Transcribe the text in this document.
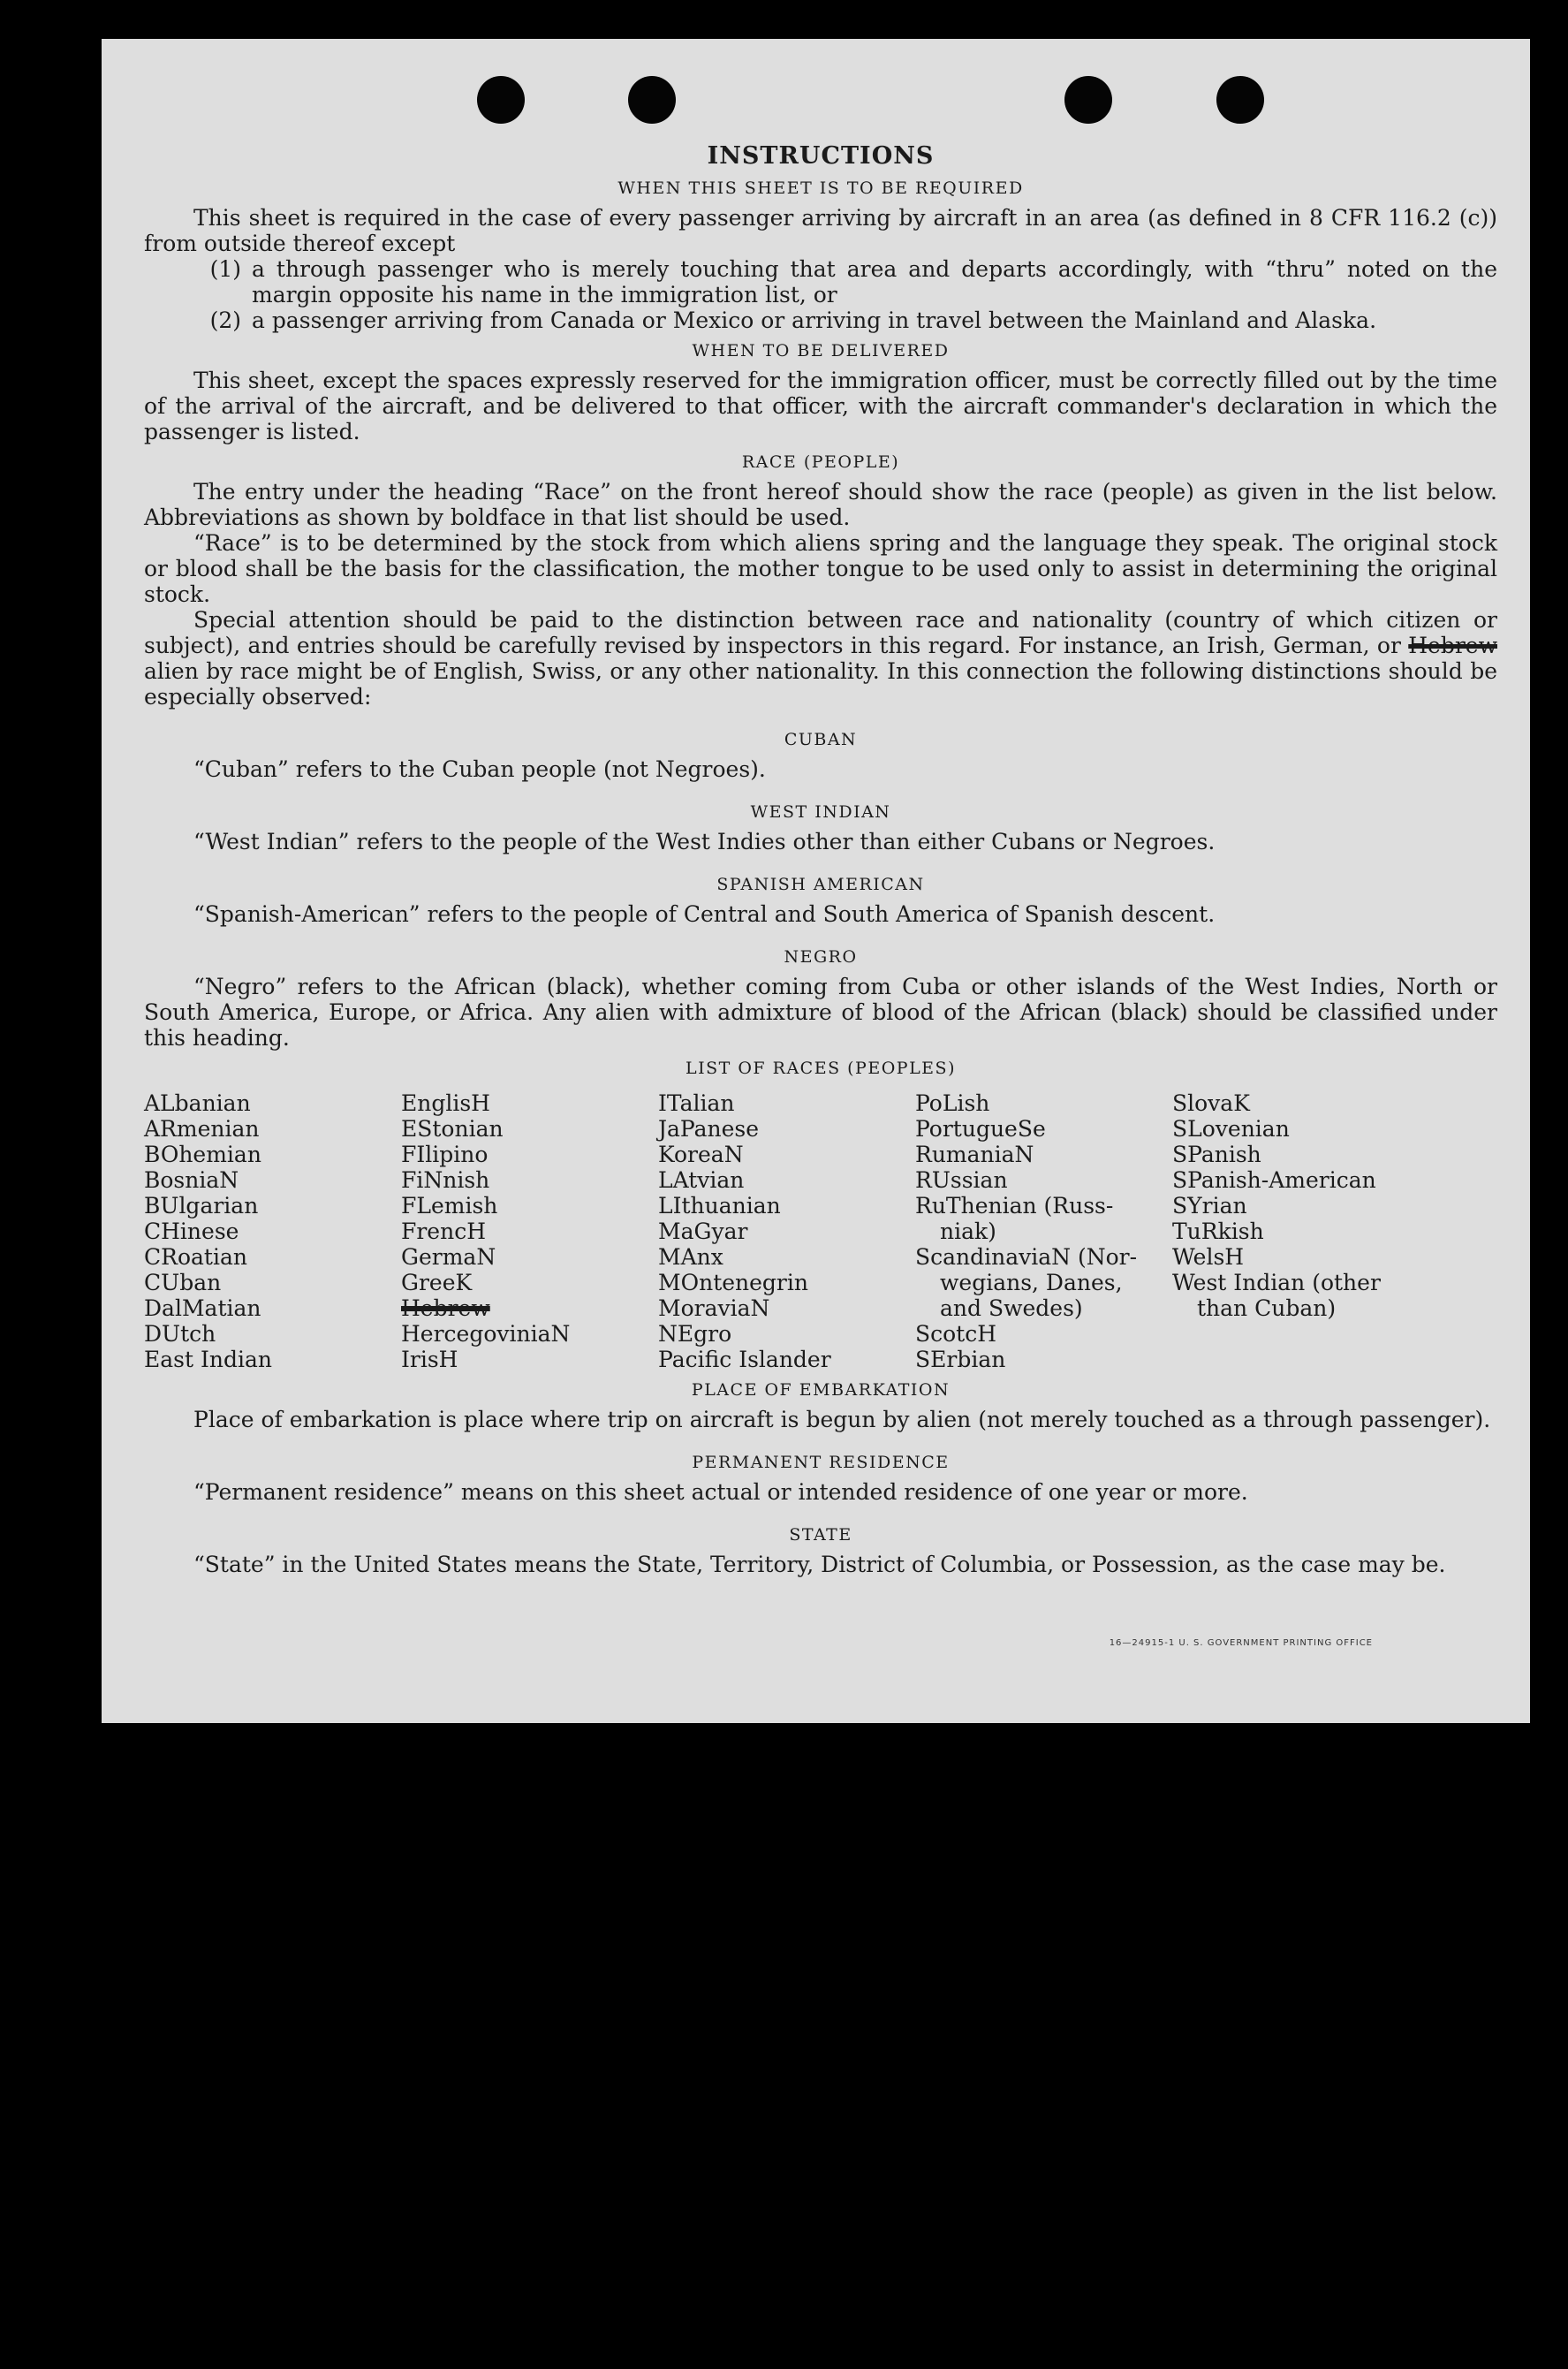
INSTRUCTIONS
WHEN THIS SHEET IS TO BE REQUIRED

This sheet is required in the case of every passenger arriving by aircraft in an area (as defined in 8 CFR 116.2 (c)) from outside thereof except

(1) a through passenger who is merely touching that area and departs accordingly, with “thru” noted on the margin opposite his name in the immigration list, or
(2) a passenger arriving from Canada or Mexico or arriving in travel between the Mainland and Alaska.
WHEN TO BE DELIVERED

This sheet, except the spaces expressly reserved for the immigration officer, must be correctly filled out by the time of the arrival of the aircraft, and be delivered to that officer, with the aircraft commander's declaration in which the passenger is listed.

RACE (PEOPLE)

The entry under the heading “Race” on the front hereof should show the race (people) as given in the list below. Abbreviations as shown by boldface in that list should be used.

“Race” is to be determined by the stock from which aliens spring and the language they speak. The original stock or blood shall be the basis for the classification, the mother tongue to be used only to assist in determining the original stock.

Special attention should be paid to the distinction between race and nationality (country of which citizen or subject), and entries should be carefully revised by inspectors in this regard. For instance, an Irish, German, or Hebrew alien by race might be of English, Swiss, or any other nationality. In this connection the following distinctions should be especially observed:

CUBAN

“Cuban” refers to the Cuban people (not Negroes).

WEST INDIAN

“West Indian” refers to the people of the West Indies other than either Cubans or Negroes.

SPANISH AMERICAN

“Spanish-American” refers to the people of Central and South America of Spanish descent.

NEGRO

“Negro” refers to the African (black), whether coming from Cuba or other islands of the West Indies, North or South America, Europe, or Africa. Any alien with admixture of blood of the African (black) should be classified under this heading.

LIST OF RACES (PEOPLES)
ALbanian
ARmenian
BOhemian
BosniaN
BUlgarian
CHinese
CRoatian
CUban
DalMatian
DUtch
East Indian
EnglisH
EStonian
FIlipino
FiNnish
FLemish
FrencH
GermaN
GreeK
Hebrew
HercegoviniaN
IrisH
ITalian
JaPanese
KoreaN
LAtvian
LIthuanian
MaGyar
MAnx
MOntenegrin
MoraviaN
NEgro
Pacific Islander
PoLish
PortugueSe
RumaniaN
RUssian
RuThenian (Russ-
niak)
ScandinaviaN (Nor-
wegians, Danes,
and Swedes)
ScotcH
SErbian
SlovaK
SLovenian
SPanish
SPanish-American
SYrian
TuRkish
WelsH
West Indian (other
than Cuban)
PLACE OF EMBARKATION

Place of embarkation is place where trip on aircraft is begun by alien (not merely touched as a through passenger).

PERMANENT RESIDENCE

“Permanent residence” means on this sheet actual or intended residence of one year or more.

STATE

“State” in the United States means the State, Territory, District of Columbia, or Possession, as the case may be.

16—24915-1 U. S. GOVERNMENT PRINTING OFFICE
